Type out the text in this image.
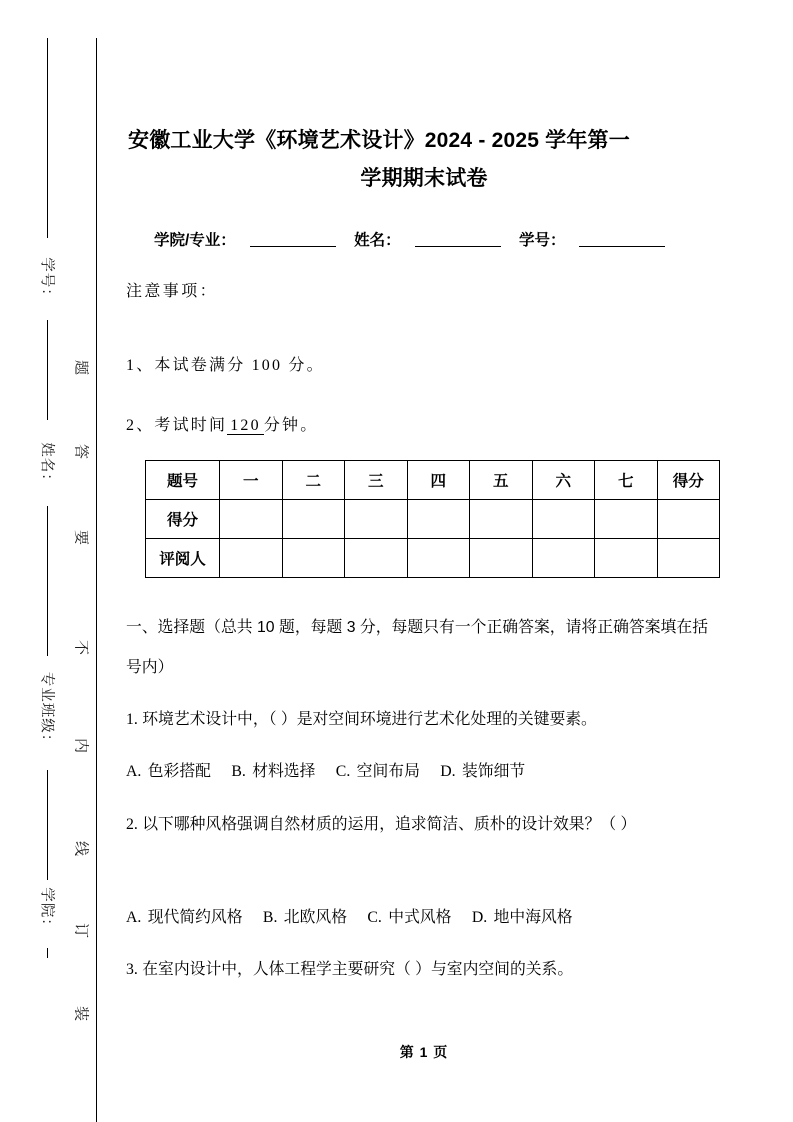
学号：
姓名：
专业班级：
学院：
题
答
要
不
内
线
订
装
安徽工业大学《环境艺术设计》2024 - 2025 学年第一
学期期末试卷
学院/专业：	姓名：	学号：
注意事项：
1、本试卷满分 100 分。
2、考试时间 120 分钟。
题号	一	二	三	四	五	六	七	得分
得分								
评阅人								
一、选择题（总共 10 题，每题 3 分，每题只有一个正确答案，请将正确答案填在括号内）
1. 环境艺术设计中，（ ）是对空间环境进行艺术化处理的关键要素。
A. 色彩搭配 B. 材料选择 C. 空间布局 D. 装饰细节
2. 以下哪种风格强调自然材质的运用，追求简洁、质朴的设计效果？（ ）
A. 现代简约风格 B. 北欧风格 C. 中式风格 D. 地中海风格
3. 在室内设计中，人体工程学主要研究（ ）与室内空间的关系。
第 1 页
